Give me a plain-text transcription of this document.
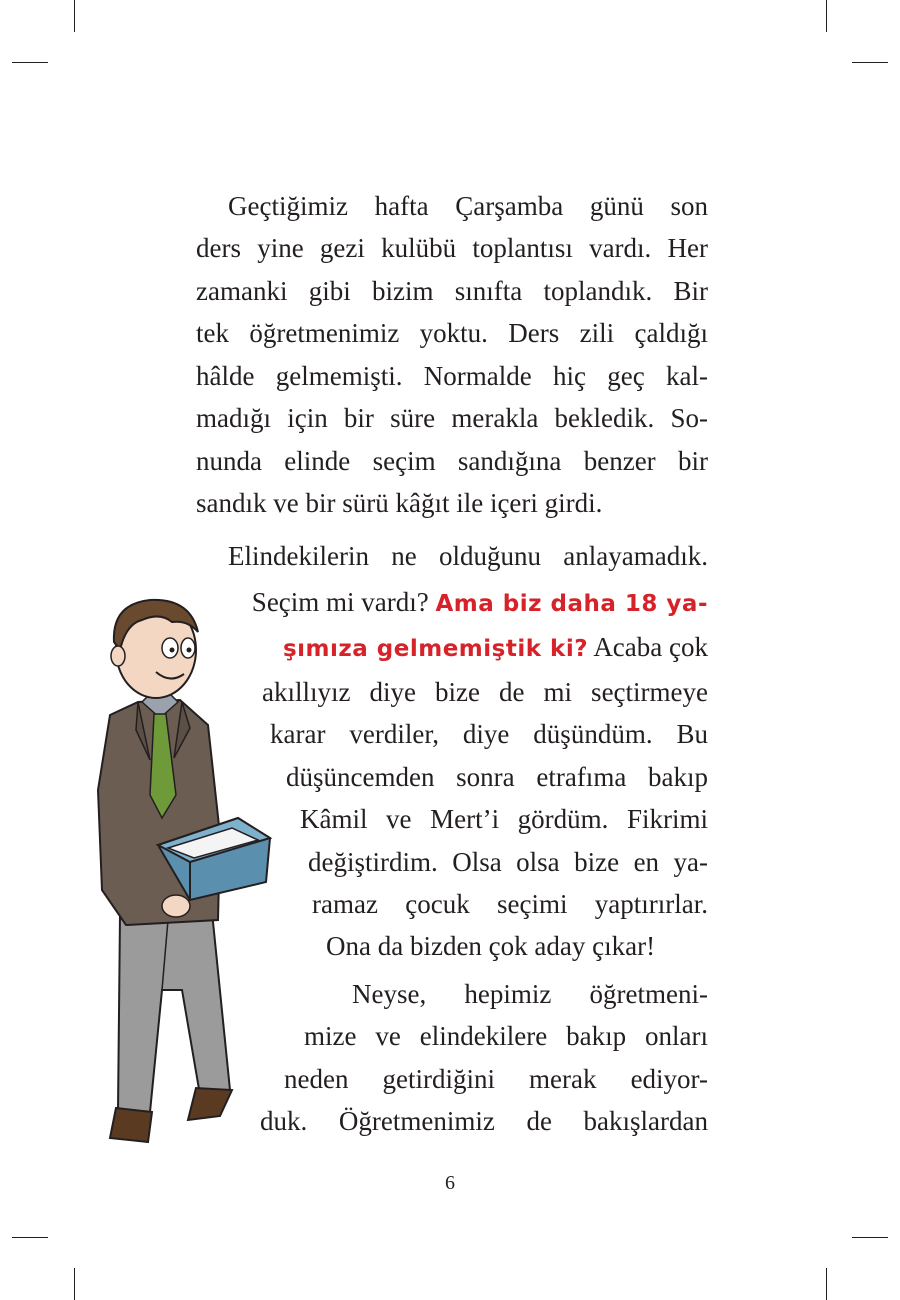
Geçtiğimiz hafta Çarşamba günü son
ders yine gezi kulübü toplantısı vardı. Her
zamanki gibi bizim sınıfta toplandık. Bir
tek öğretmenimiz yoktu. Ders zili çaldığı
hâlde gelmemişti. Normalde hiç geç kal-
madığı için bir süre merakla bekledik. So-
nunda elinde seçim sandığına benzer bir
sandık ve bir sürü kâğıt ile içeri girdi.
Elindekilerin ne olduğunu anlayamadık.
Seçim mi vardı? Ama biz daha 18 ya-
şımıza gelmemiştik ki? Acaba çok
akıllıyız diye bize de mi seçtirmeye
karar verdiler, diye düşündüm. Bu
düşüncemden sonra etrafıma bakıp
Kâmil ve Mert’i gördüm. Fikrimi
değiştirdim. Olsa olsa bize en ya-
ramaz çocuk seçimi yaptırırlar.
Ona da bizden çok aday çıkar!
Neyse, hepimiz öğretmeni-
mize ve elindekilere bakıp onları
neden getirdiğini merak ediyor-
duk. Öğretmenimiz de bakışlardan
6
